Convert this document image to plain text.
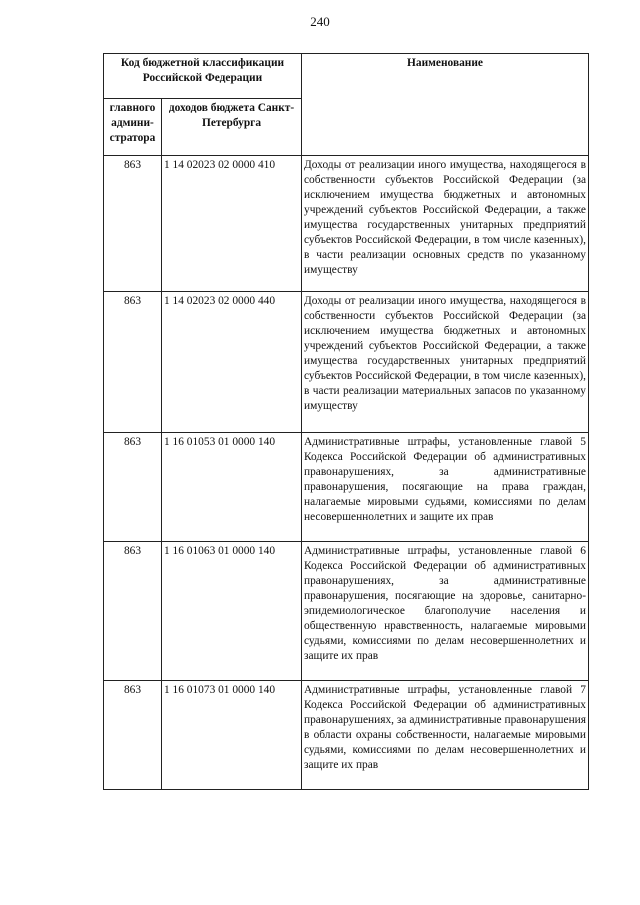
240
Код бюджетной классификации Российской Федерации		Наименование
главного админи-стратора	доходов бюджета Санкт-Петербурга	
863	1 14 02023 02 0000 410	Доходы от реализации иного имущества, находящегося в собственности субъектов Российской Федерации (за исключением имущества бюджетных и автономных учреждений субъектов Российской Федерации, а также имущества государственных унитарных предприятий субъектов Российской Федерации, в том числе казенных), в части реализации основных средств по указанному имуществу
863	1 14 02023 02 0000 440	Доходы от реализации иного имущества, находящегося в собственности субъектов Российской Федерации (за исключением имущества бюджетных и автономных учреждений субъектов Российской Федерации, а также имущества государственных унитарных предприятий субъектов Российской Федерации, в том числе казенных), в части реализации материальных запасов по указанному имуществу
863	1 16 01053 01 0000 140	Административные штрафы, установленные главой 5 Кодекса Российской Федерации об административных правонарушениях, за административные правонарушения, посягающие на права граждан, налагаемые мировыми судьями, комиссиями по делам несовершеннолетних и защите их прав
863	1 16 01063 01 0000 140	Административные штрафы, установленные главой 6 Кодекса Российской Федерации об административных правонарушениях, за административные правонарушения, посягающие на здоровье, санитарно-эпидемиологическое благополучие населения и общественную нравственность, налагаемые мировыми судьями, комиссиями по делам несовершеннолетних и защите их прав
863	1 16 01073 01 0000 140	Административные штрафы, установленные главой 7 Кодекса Российской Федерации об административных правонарушениях, за административные правонарушения в области охраны собственности, налагаемые мировыми судьями, комиссиями по делам несовершеннолетних и защите их прав
